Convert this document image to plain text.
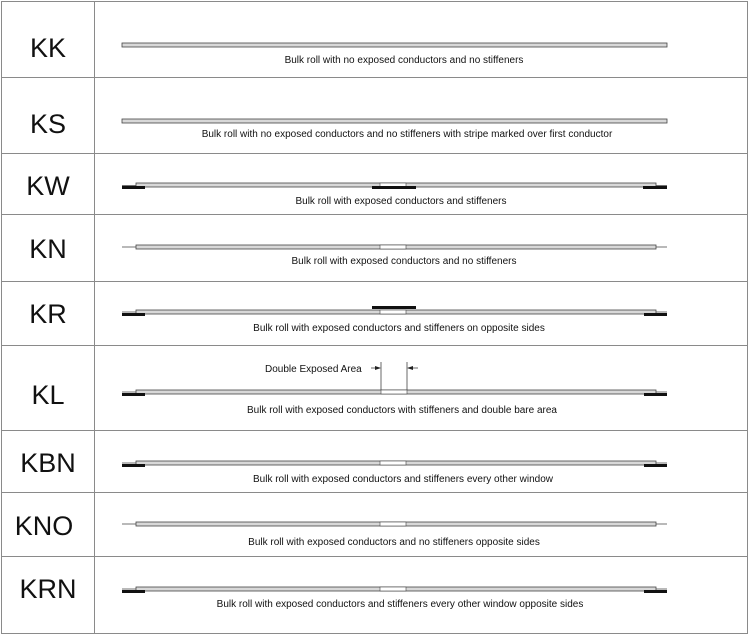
KK
KS
KW
KN
KR
KL
KBN
KNO
KRN
Bulk roll with no exposed conductors and no stiffeners
Bulk roll with no exposed conductors and no stiffeners with stripe marked over first conductor
Bulk roll with exposed conductors and stiffeners
Bulk roll with exposed conductors and no stiffeners
Bulk roll with exposed conductors and stiffeners on opposite sides
Bulk roll with exposed conductors with stiffeners and double bare area
Bulk roll with exposed conductors and stiffeners every other window
Bulk roll with exposed conductors and no stiffeners opposite sides
Bulk roll with exposed conductors and stiffeners every other window opposite sides
Double Exposed Area
